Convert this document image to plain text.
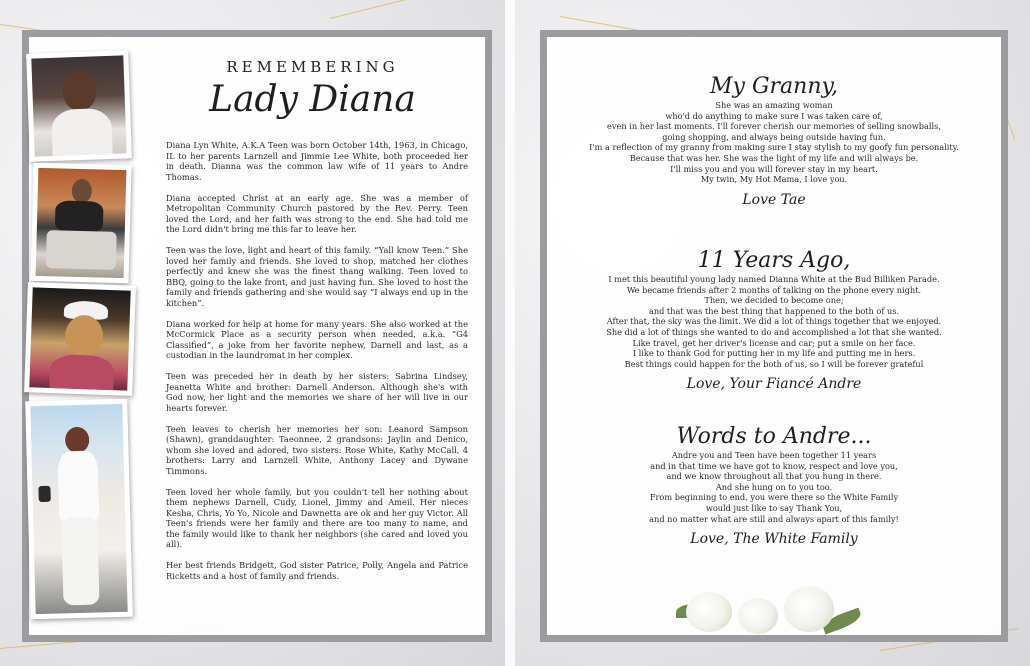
REMEMBERING
Lady Diana

Diana Lyn White, A.K.A Teen was born October 14th, 1963, in Chicago, IL to her parents Larnzell and Jimmie Lee White, both proceeded her in death. Dianna was the common law wife of 11 years to Andre Thomas.

Diana accepted Christ at an early age. She was a member of Metropolitan Community Church pastored by the Rev. Perry. Teen loved the Lord, and her faith was strong to the end. She had told me the Lord didn't bring me this far to leave her.

Teen was the love, light and heart of this family. “Yall know Teen.” She loved her family and friends. She loved to shop, matched her clothes perfectly and knew she was the finest thang walking. Teen loved to BBQ, going to the lake front, and just having fun. She loved to host the family and friends gathering and she would say “I always end up in the kitchen”.

Diana worked for help at home for many years. She also worked at the McCormick Place as a security person when needed, a.k.a. “G4 Classified”, a joke from her favorite nephew, Darnell and last, as a custodian in the laundromat in her complex.

Teen was preceded her in death by her sisters: Sabrina Lindsey, Jeanetta White and brother: Darnell Anderson. Although she's with God now, her light and the memories we share of her will live in our hearts forever.

Teen leaves to cherish her memories her son: Leanord Sampson (Shawn), granddaughter: Taeonnee, 2 grandsons: Jaylin and Denico, whom she loved and adored, two sisters: Rose White, Kathy McCall, 4 brothers: Larry and Larnzell White, Anthony Lacey and Dywane Timmons.

Teen loved her whole family, but you couldn't tell her nothing about them nephews Darnell, Cudy, Lionel, Jimmy and Ameil. Her nieces Kesha, Chris, Yo Yo, Nicole and Dawnetta are ok and her guy Victor. All Teen's friends were her family and there are too many to name, and the family would like to thank her neighbors (she cared and loved you all).

Her best friends Bridgett, God sister Patrice, Polly, Angela and Patrice Ricketts and a host of family and friends.

My Granny,
She was an amazing woman
who'd do anything to make sure I was taken care of,
even in her last moments. I'll forever cherish our memories of selling snowballs,
going shopping, and always being outside having fun.
I'm a reflection of my granny from making sure I stay stylish to my goofy fun personality.
Because that was her. She was the light of my life and will always be.
I'll miss you and you will forever stay in my heart.
My twin, My Hot Mama, I love you.
Love Tae
11 Years Ago,
I met this beautiful young lady named Dianna White at the Bud Billiken Parade.
We became friends after 2 months of talking on the phone every night.
Then, we decided to become one;
and that was the best thing that happened to the both of us.
After that, the sky was the limit. We did a lot of things together that we enjoyed.
She did a lot of things she wanted to do and accomplished a lot that she wanted.
Like travel, get her driver's license and car; put a smile on her face.
I like to thank God for putting her in my life and putting me in hers.
Best things could happen for the both of us, so I will be forever grateful
Love, Your Fiancé Andre
Words to Andre...
Andre you and Teen have been together 11 years
and in that time we have got to know, respect and love you,
and we know throughout all that you hung in there.
And she hung on to you too.
From beginning to end, you were there so the White Family
would just like to say Thank You,
and no matter what are still and always apart of this family!
Love, The White Family
